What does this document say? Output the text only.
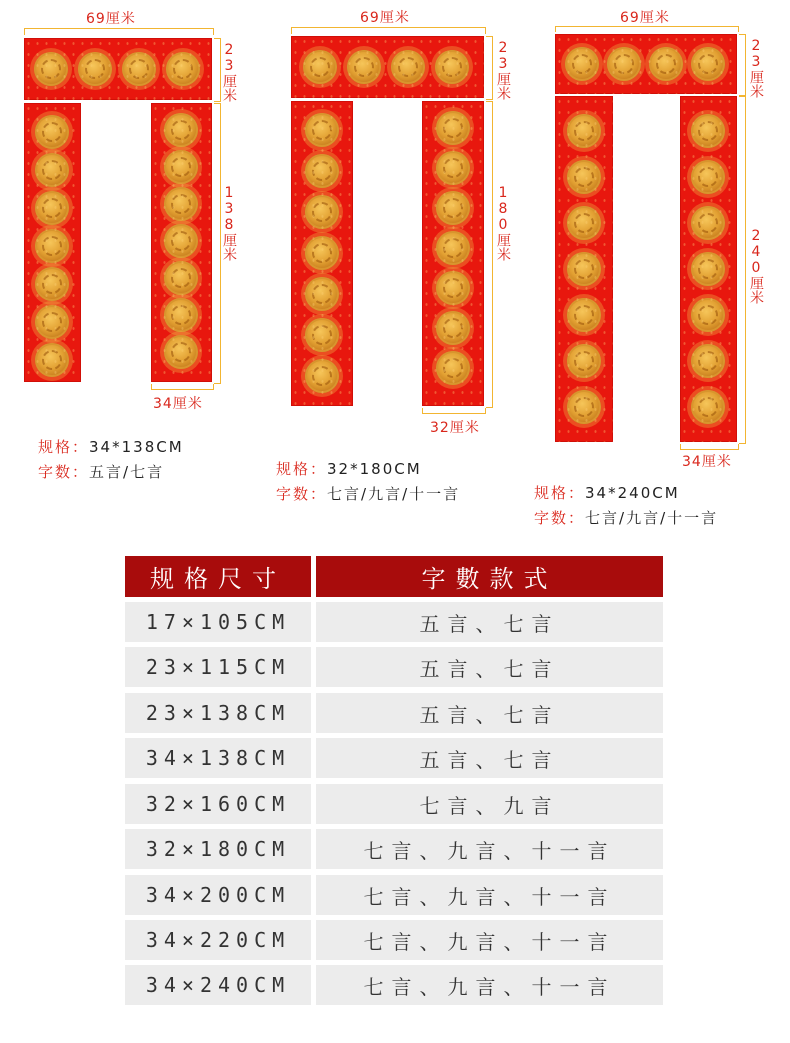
69厘米
23厘米
138厘米
34厘米
规格：34*138CM
字数：五言/七言
69厘米
23厘米
180厘米
32厘米
规格：32*180CM
字数：七言/九言/十一言
69厘米
23厘米
240厘米
34厘米
规格：34*240CM
字数：七言/九言/十一言
规格尺寸	字數款式
17×105CM	五言、七言
23×115CM	五言、七言
23×138CM	五言、七言
34×138CM	五言、七言
32×160CM	七言、九言
32×180CM	七言、九言、十一言
34×200CM	七言、九言、十一言
34×220CM	七言、九言、十一言
34×240CM	七言、九言、十一言
